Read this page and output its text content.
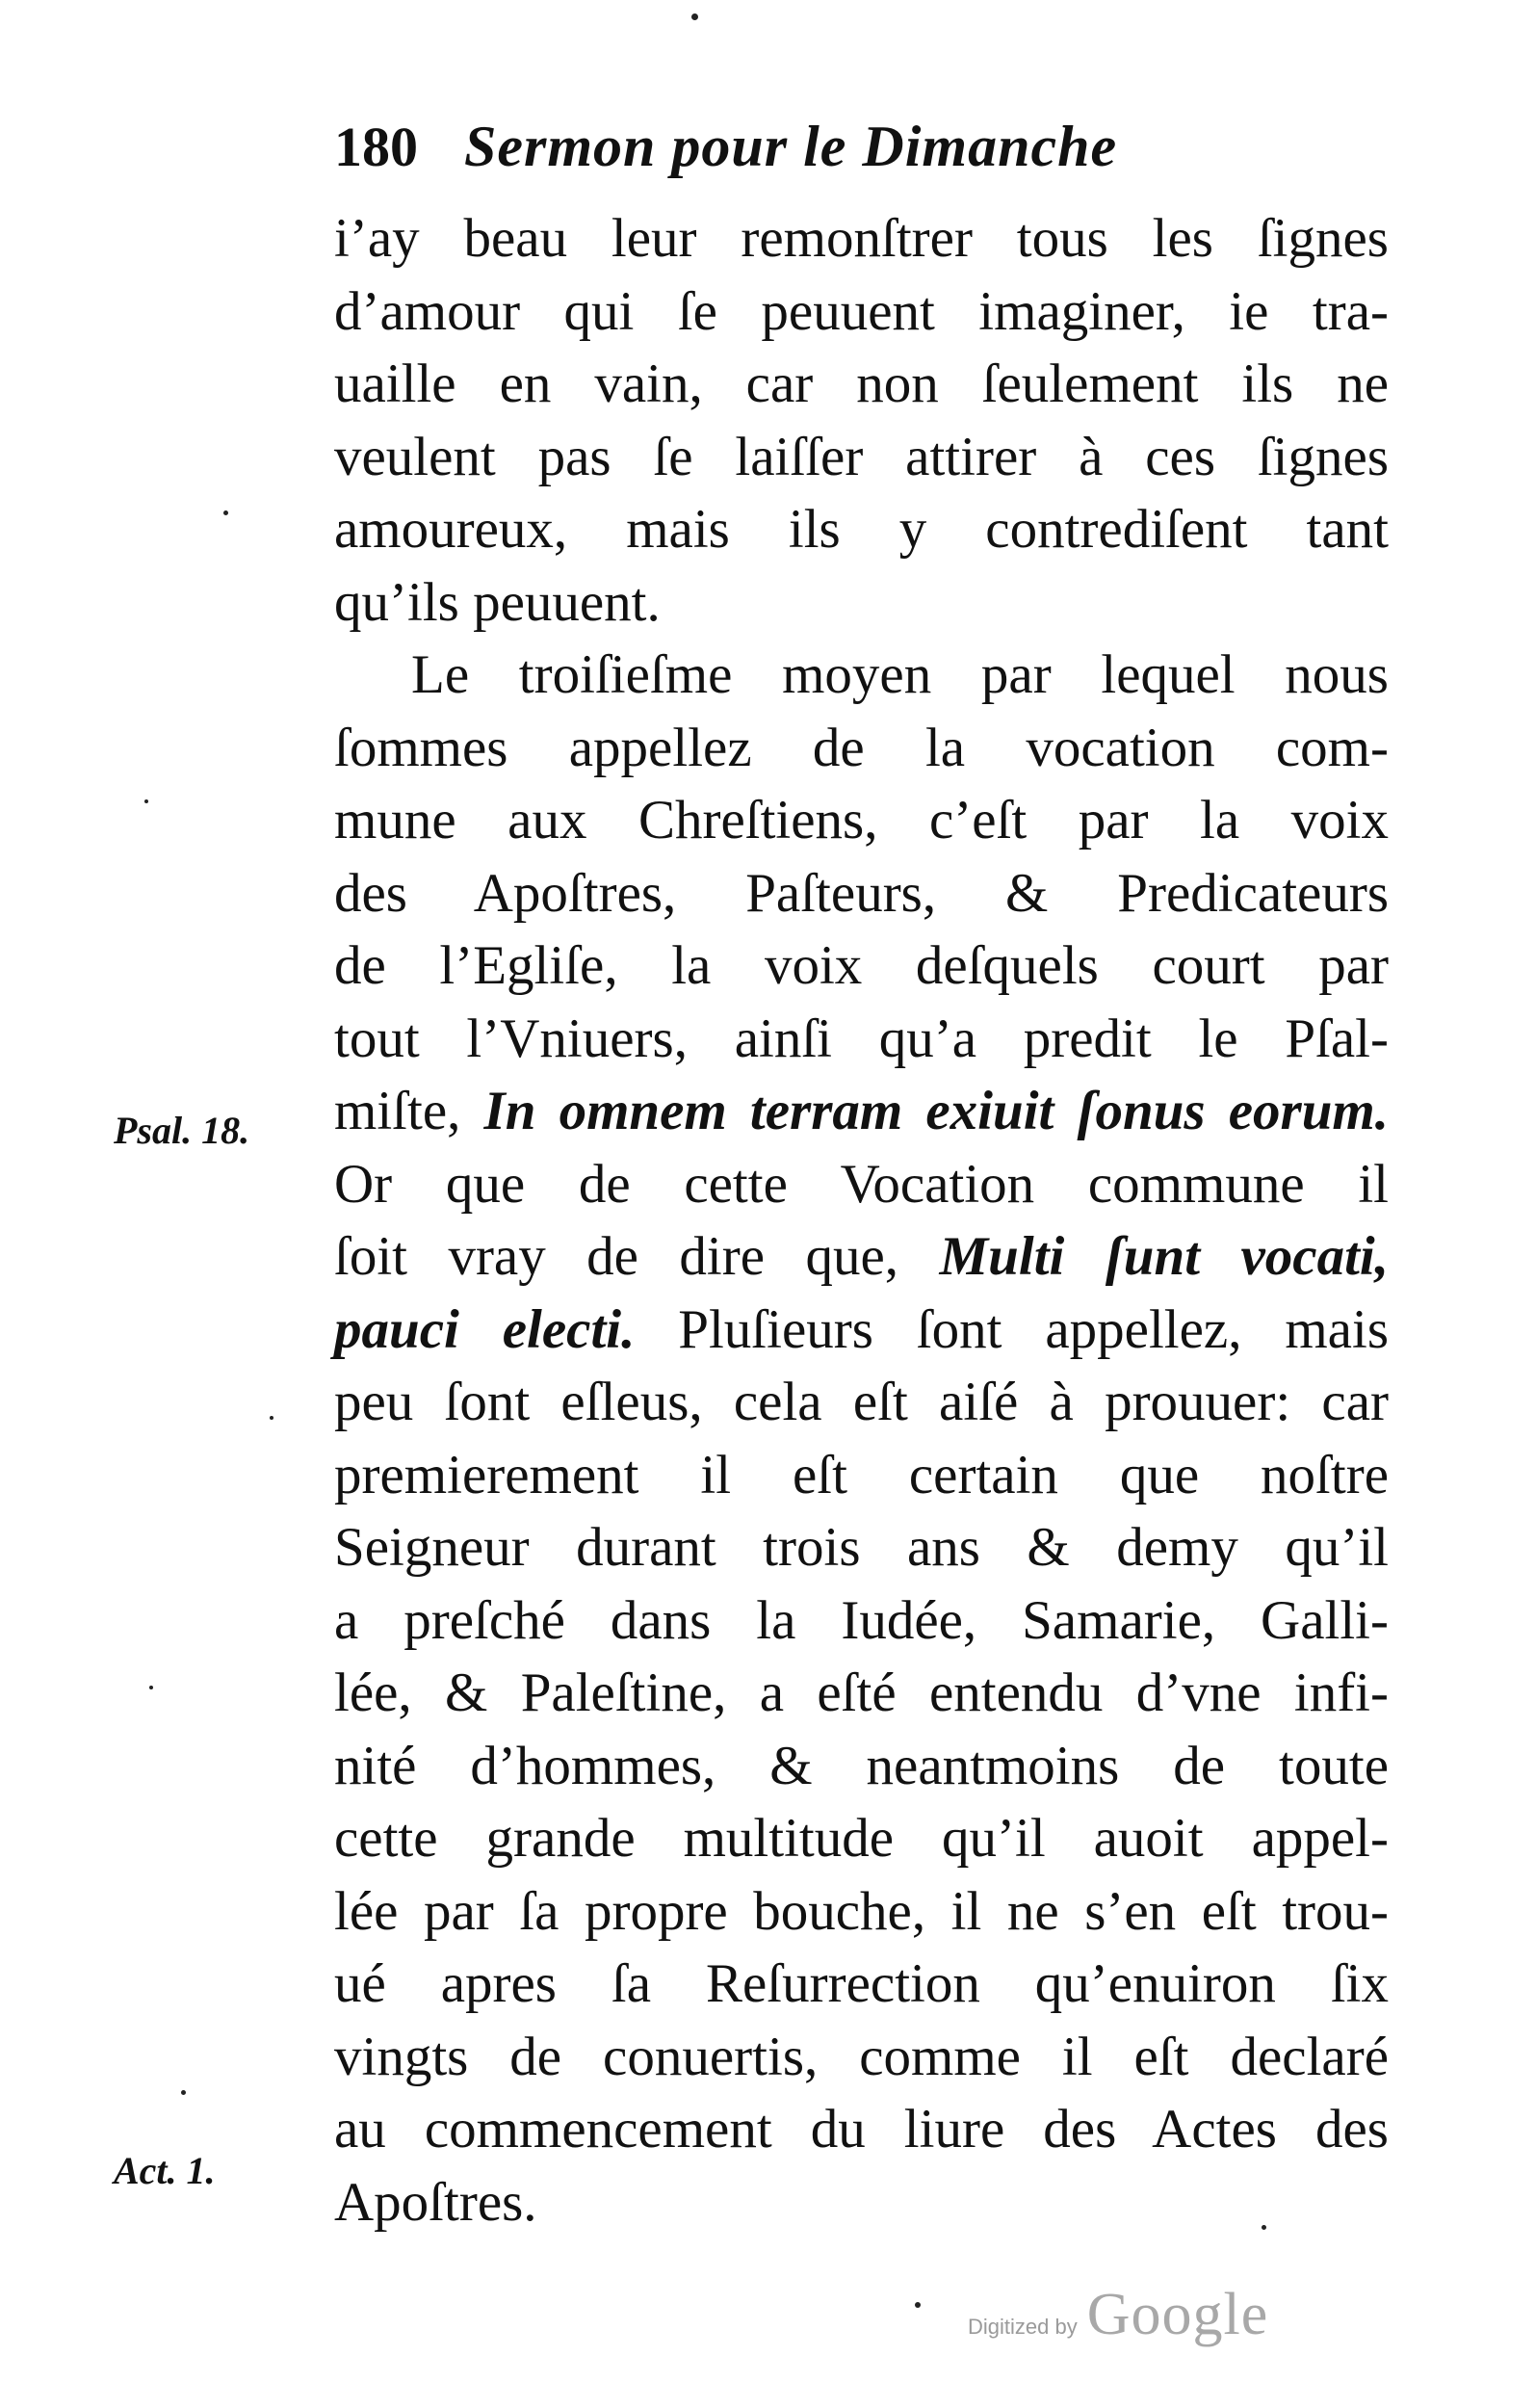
180 Sermon pour le Dimanche
Psal. 18.
Act. 1.
i’ay beau leur remonſtrer tous les ſignes
d’amour qui ſe peuuent imaginer, ie tra-
uaille en vain, car non ſeulement ils ne
veulent pas ſe laiſſer attirer à ces ſignes
amoureux, mais ils y contrediſent tant
qu’ils peuuent.
Le troiſieſme moyen par lequel nous
ſommes appellez de la vocation com-
mune aux Chreſtiens, c’eſt par la voix
des Apoſtres, Paſteurs, & Predicateurs
de l’Egliſe, la voix deſquels court par
tout l’Vniuers, ainſi qu’a predit le Pſal-
miſte, In omnem terram exiuit ſonus eorum.
Or que de cette Vocation commune il
ſoit vray de dire que, Multi ſunt vocati,
pauci electi. Pluſieurs ſont appellez, mais
peu ſont eſleus, cela eſt aiſé à prouuer: car
premierement il eſt certain que noſtre
Seigneur durant trois ans & demy qu’il
a preſché dans la Iudée, Samarie, Galli-
lée, & Paleſtine, a eſté entendu d’vne infi-
nité d’hommes, & neantmoins de toute
cette grande multitude qu’il auoit appel-
lée par ſa propre bouche, il ne s’en eſt trou-
ué apres ſa Reſurrection qu’enuiron ſix
vingts de conuertis, comme il eſt declaré
au commencement du liure des Actes des
Apoſtres.
Digitized by Google
